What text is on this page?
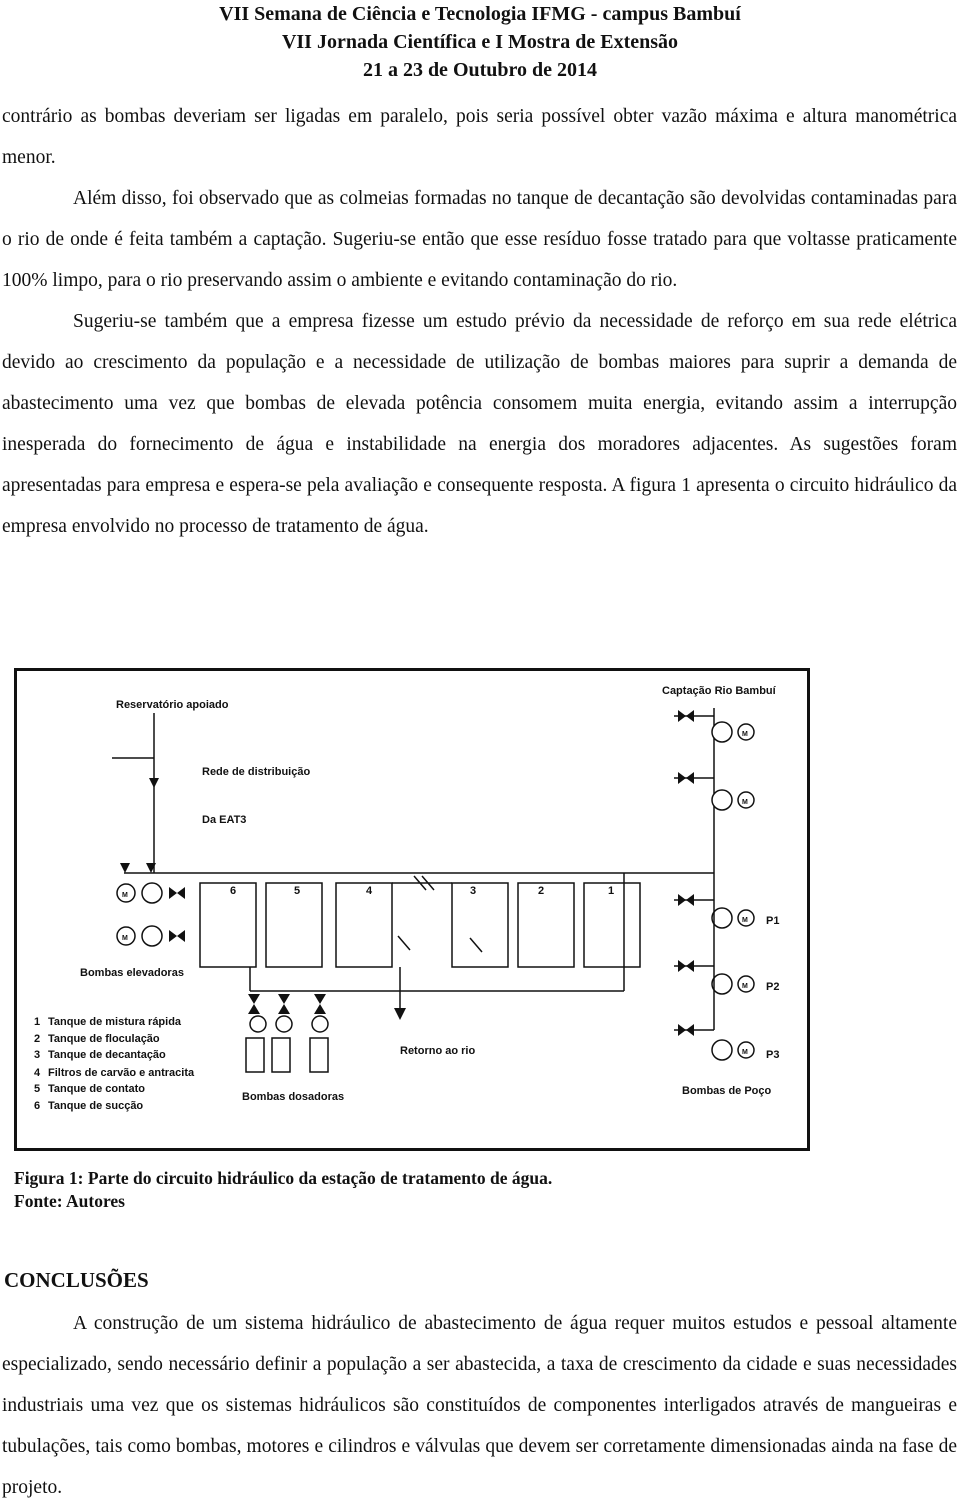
VII Semana de Ciência e Tecnologia IFMG - campus Bambuí
VII Jornada Científica e I Mostra de Extensão
21 a 23 de Outubro de 2014

contrário as bombas deveriam ser ligadas em paralelo, pois seria possível obter vazão máxima e altura manométrica menor.

Além disso, foi observado que as colmeias formadas no tanque de decantação são devolvidas contaminadas para o rio de onde é feita também a captação. Sugeriu-se então que esse resíduo fosse tratado para que voltasse praticamente 100% limpo, para o rio preservando assim o ambiente e evitando contaminação do rio.

Sugeriu-se também que a empresa fizesse um estudo prévio da necessidade de reforço em sua rede elétrica devido ao crescimento da população e a necessidade de utilização de bombas maiores para suprir a demanda de abastecimento uma vez que bombas de elevada potência consomem muita energia, evitando assim a interrupção inesperada do fornecimento de água e instabilidade na energia dos moradores adjacentes. As sugestões foram apresentadas para empresa e espera-se pela avaliação e consequente resposta. A figura 1 apresenta o circuito hidráulico da empresa envolvido no processo de tratamento de água.

Reservatório apoiado
Rede de distribuição
Da EAT3
Captação Rio Bambuí
M
M
M P1
M P2
M P3
Bombas de Poço
M
M
Bombas elevadoras
6	5	4	3	2	1
Retorno ao rio
Bombas dosadoras
1 Tanque de mistura rápida
2 Tanque de floculação
3 Tanque de decantação
4 Filtros de carvão e antracita
5 Tanque de contato
6 Tanque de sucção
Figura 1: Parte do circuito hidráulico da estação de tratamento de água.
Fonte: Autores
CONCLUSÕES

A construção de um sistema hidráulico de abastecimento de água requer muitos estudos e pessoal altamente especializado, sendo necessário definir a população a ser abastecida, a taxa de crescimento da cidade e suas necessidades industriais uma vez que os sistemas hidráulicos são constituídos de componentes interligados através de mangueiras e tubulações, tais como bombas, motores e cilindros e válvulas que devem ser corretamente dimensionadas ainda na fase de projeto.
